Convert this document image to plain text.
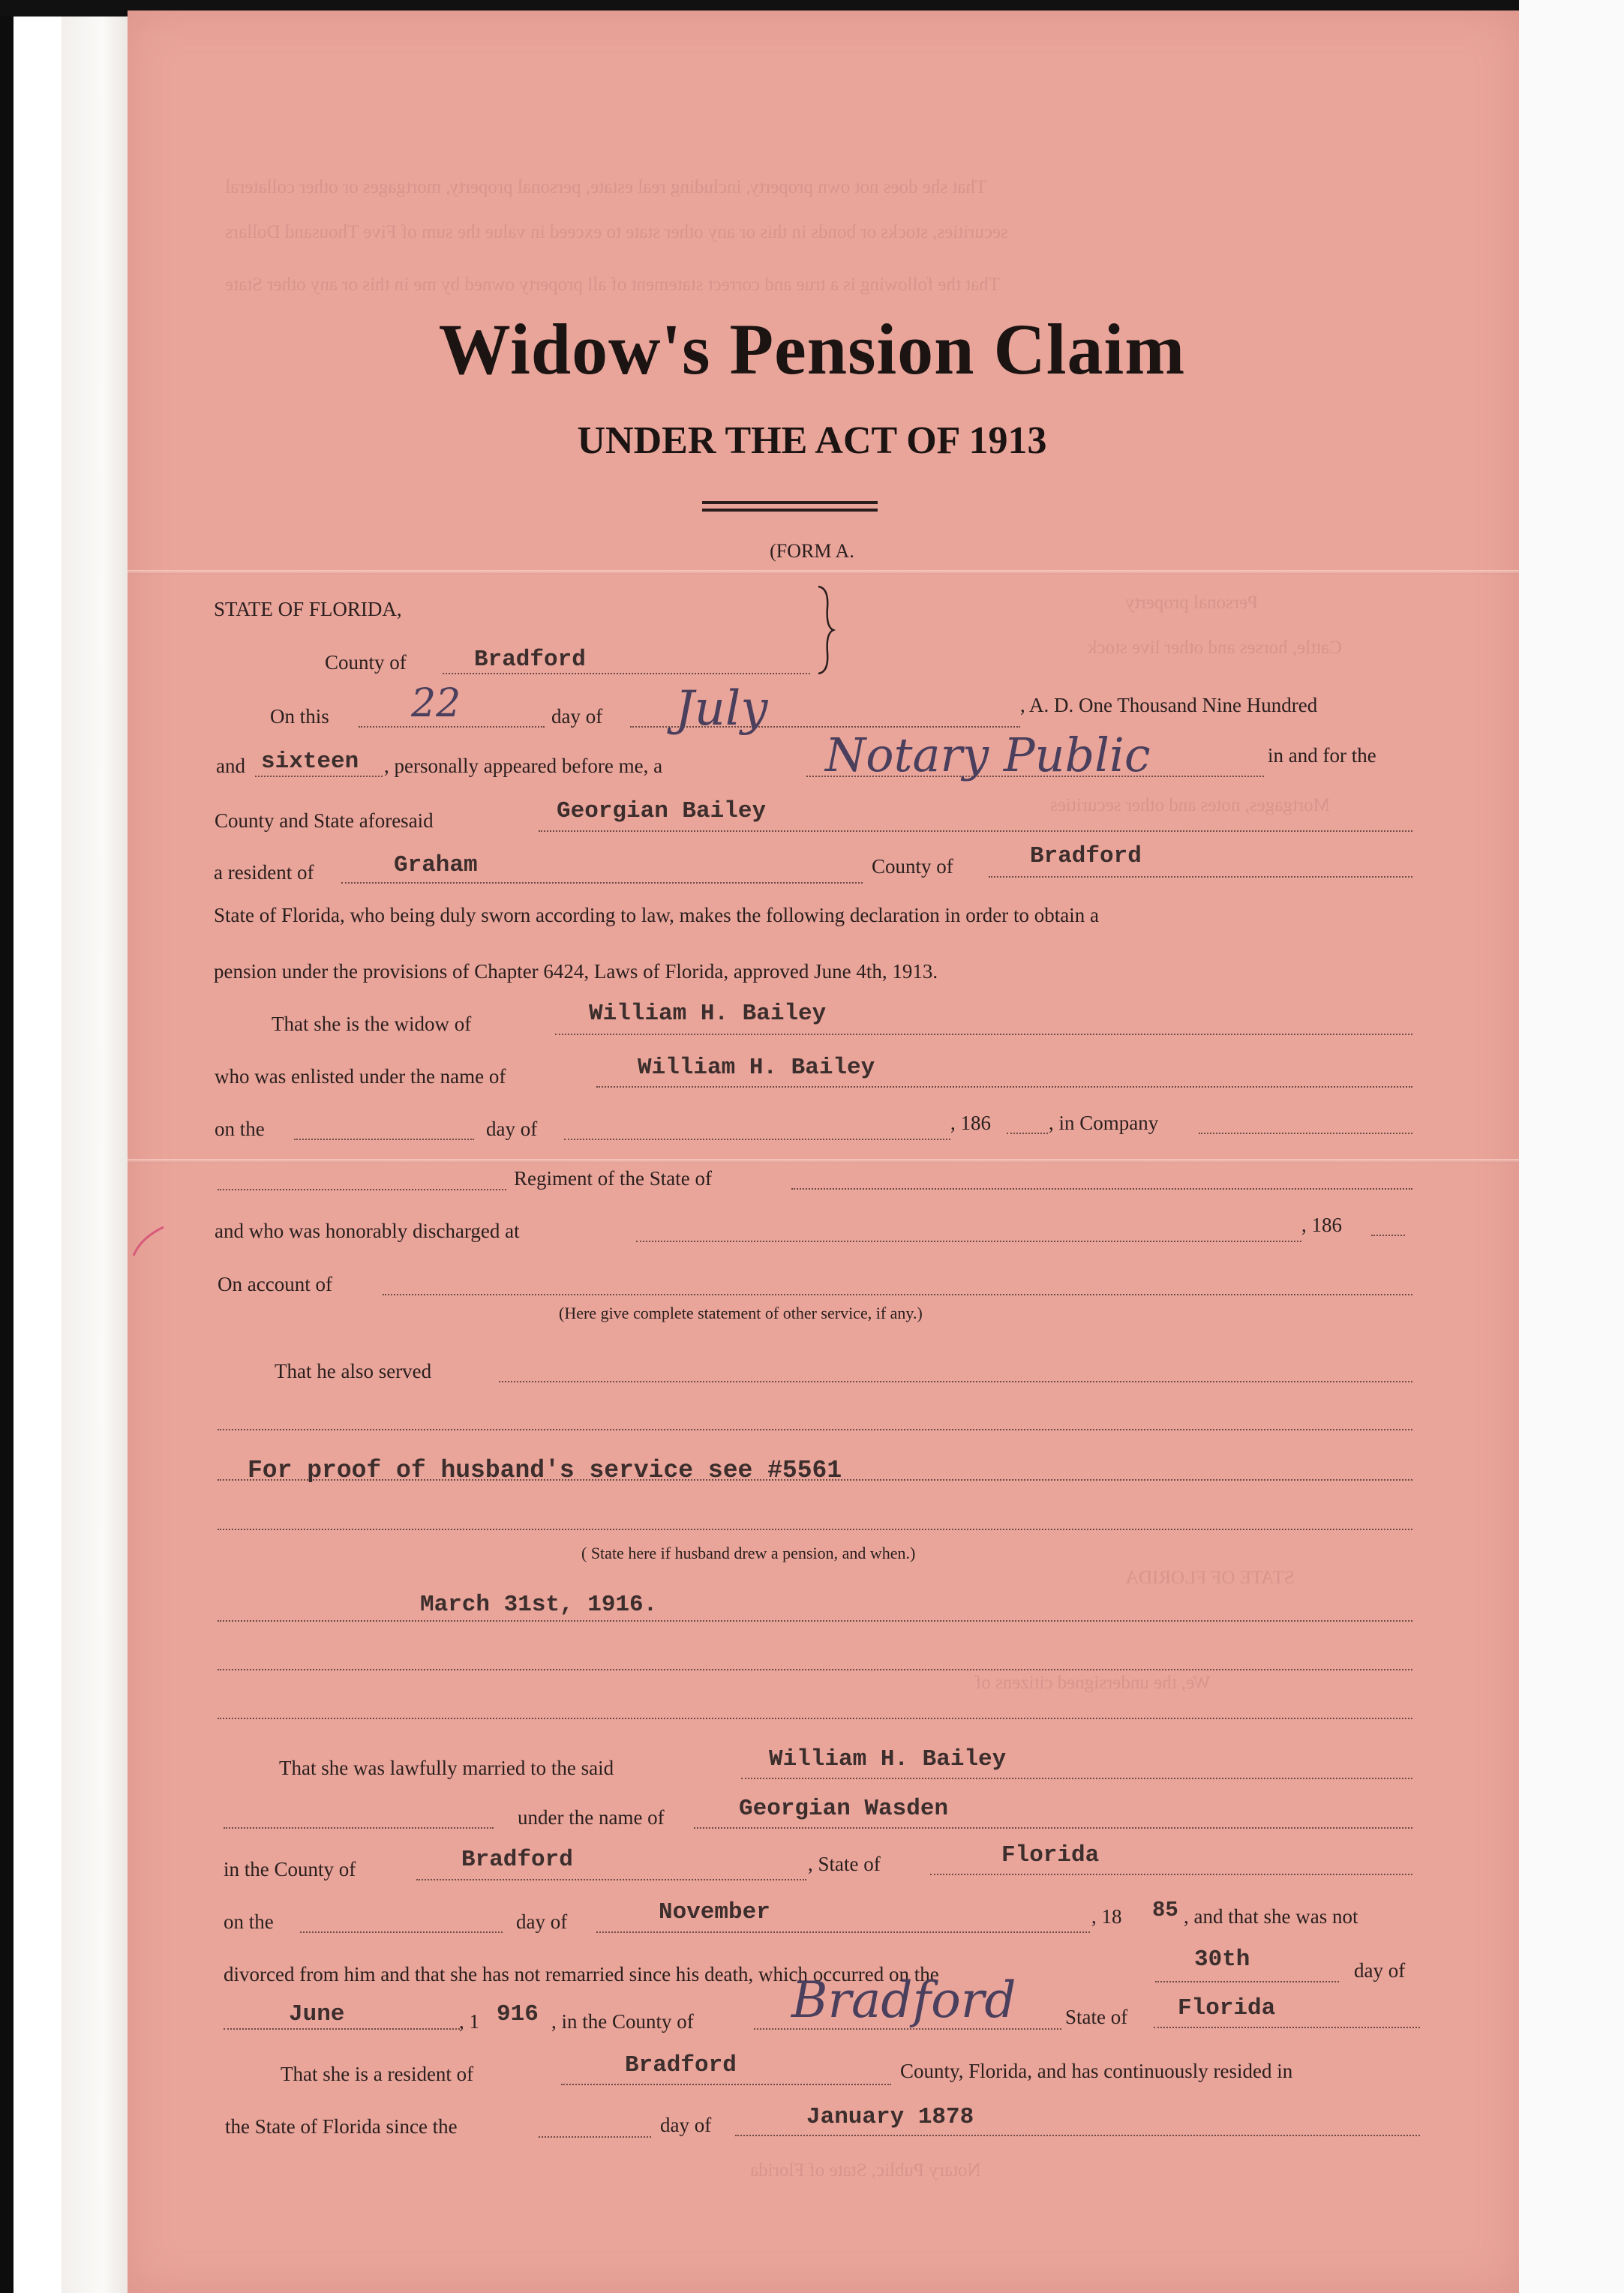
That she does not own property, including real estate, personal property, mortgages or other collateral
securities, stocks or bonds in this or any other state to exceed in value the sum of Five Thousand Dollars
That the following is a true and correct statement of all property owned by me in this or any other State
Personal property
Cattle, horses and other live stock
Mortgages, notes and other securities
STATE OF FLORIDA
We, the undersigned citizens of
Notary Public, State of Florida
Widow's Pension Claim
UNDER THE ACT OF 1913
(FORM A.
STATE OF FLORIDA,
County of	Bradford
On this 22	day of July	, A. D. One Thousand Nine Hundred
and sixteen , personally appeared before me, a	Notary Public	in and for the
County and State aforesaid	Georgian Bailey
a resident of	Graham	County of	Bradford
State of Florida, who being duly sworn according to law, makes the following declaration in order to obtain a
pension under the provisions of Chapter 6424, Laws of Florida, approved June 4th, 1913.
That she is the widow of	William H. Bailey
who was enlisted under the name of	William H. Bailey
on the	day of	, 186	, in Company
Regiment of the State of
and who was honorably discharged at	, 186
On account of
(Here give complete statement of other service, if any.)
That he also served
For proof of husband's service see #5561
( State here if husband drew a pension, and when.)
March 31st, 1916.
That she was lawfully married to the said	William H. Bailey
under the name of	Georgian Wasden
in the County of	Bradford	, State of	Florida
on the	day of	November	, 18 85 , and that she was not
divorced from him and that she has not remarried since his death, which occurred on the
30th	day of
June	, 1 916 , in the County of Bradford State of Florida
That she is a resident of	Bradford	County, Florida, and has continuously resided in
the State of Florida since the	day of	January 1878
